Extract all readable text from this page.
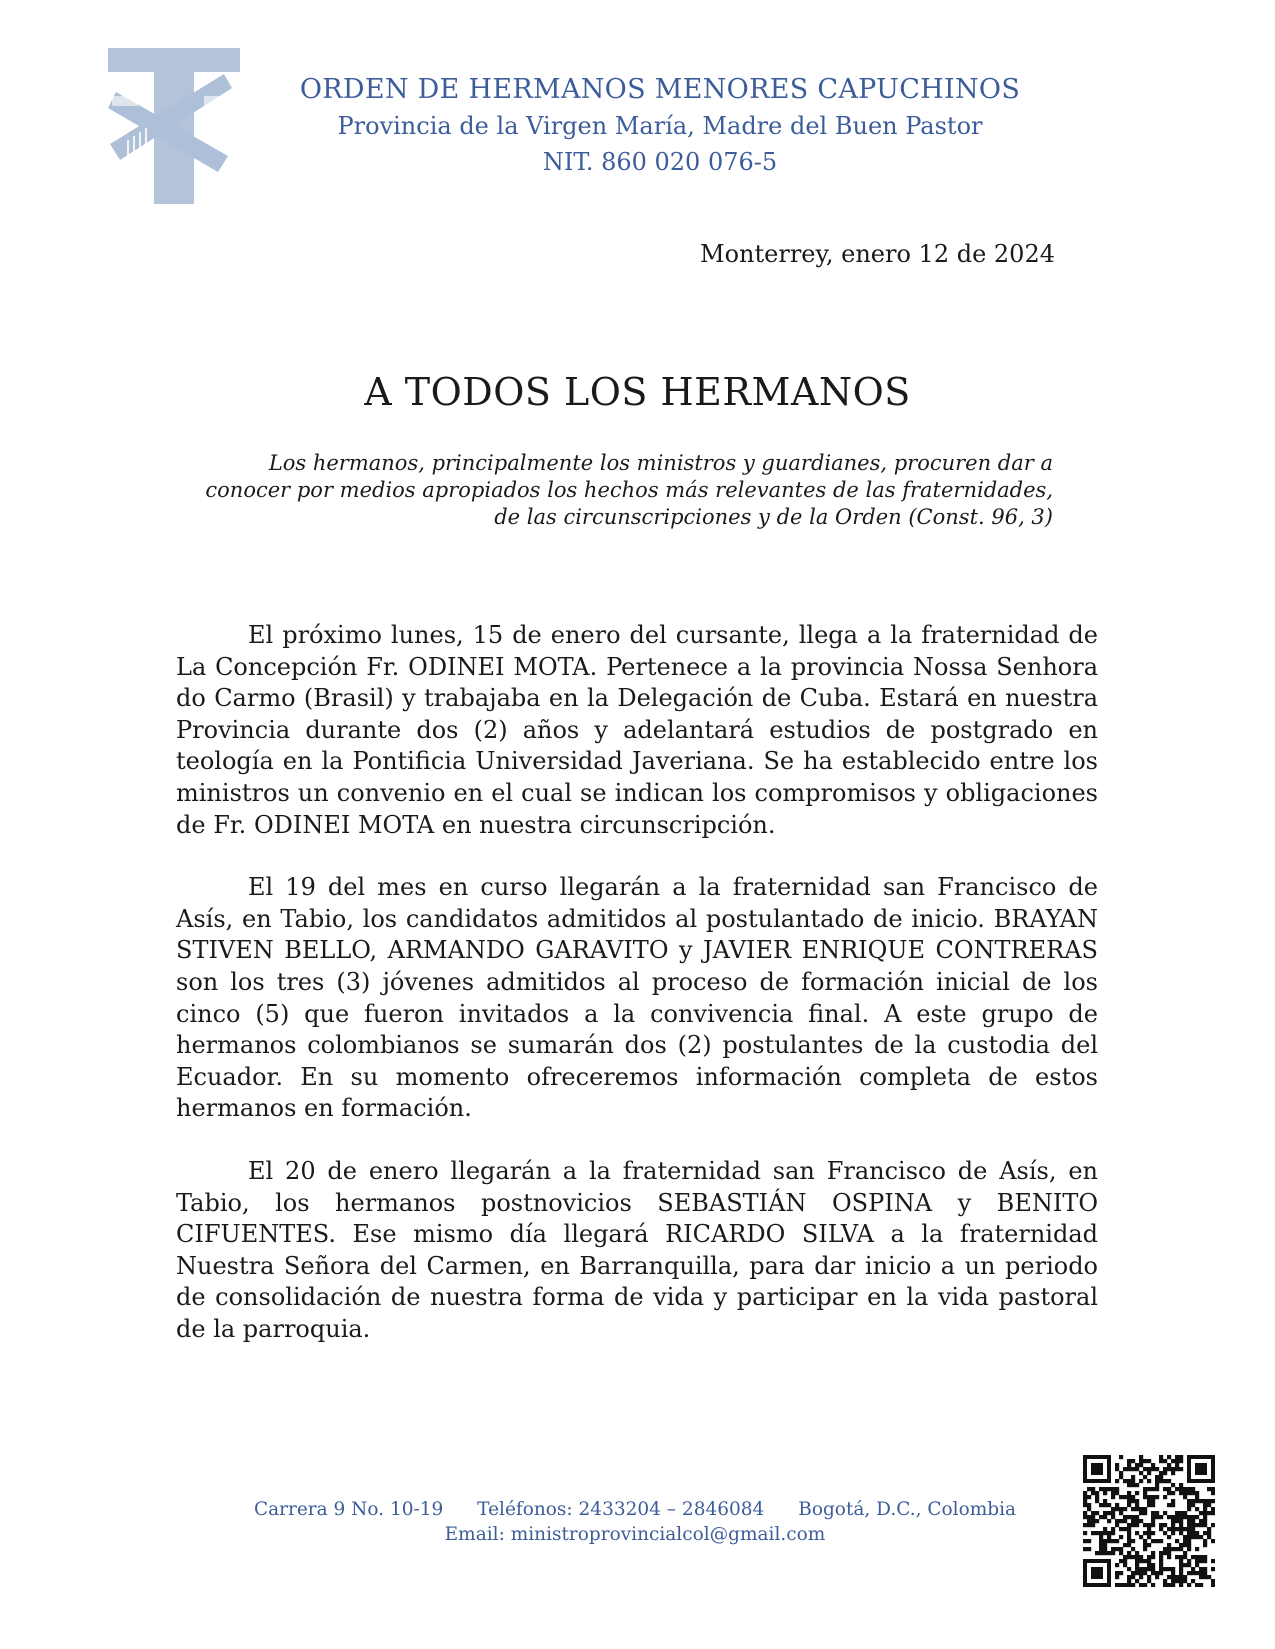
ORDEN DE HERMANOS MENORES CAPUCHINOS
Provincia de la Virgen María, Madre del Buen Pastor
NIT. 860 020 076-5
Monterrey, enero 12 de 2024
A TODOS LOS HERMANOS
Los hermanos, principalmente los ministros y guardianes, procuren dar a
conocer por medios apropiados los hechos más relevantes de las fraternidades,
de las circunscripciones y de la Orden (Const. 96, 3)

El próximo lunes, 15 de enero del cursante, llega a la fraternidad de La Concepción Fr. ODINEI MOTA. Pertenece a la provincia Nossa Senhora do Carmo (Brasil) y trabajaba en la Delegación de Cuba. Estará en nuestra Provincia durante dos (2) años y adelantará estudios de postgrado en teología en la Pontificia Universidad Javeriana. Se ha establecido entre los ministros un convenio en el cual se indican los compromisos y obligaciones de Fr. ODINEI MOTA en nuestra circunscripción.

El 19 del mes en curso llegarán a la fraternidad san Francisco de Asís, en Tabio, los candidatos admitidos al postulantado de inicio. BRAYAN STIVEN BELLO, ARMANDO GARAVITO y JAVIER ENRIQUE CONTRERAS son los tres (3) jóvenes admitidos al proceso de formación inicial de los cinco (5) que fueron invitados a la convivencia final. A este grupo de hermanos colombianos se sumarán dos (2) postulantes de la custodia del Ecuador. En su momento ofreceremos información completa de estos hermanos en formación.

El 20 de enero llegarán a la fraternidad san Francisco de Asís, en Tabio, los hermanos postnovicios SEBASTIÁN OSPINA y BENITO CIFUENTES. Ese mismo día llegará RICARDO SILVA a la fraternidad Nuestra Señora del Carmen, en Barranquilla, para dar inicio a un periodo de consolidación de nuestra forma de vida y participar en la vida pastoral de la parroquia.

Carrera 9 No. 10-19 Teléfonos: 2433204 – 2846084 Bogotá, D.C., Colombia
Email: ministroprovincialcol@gmail.com
